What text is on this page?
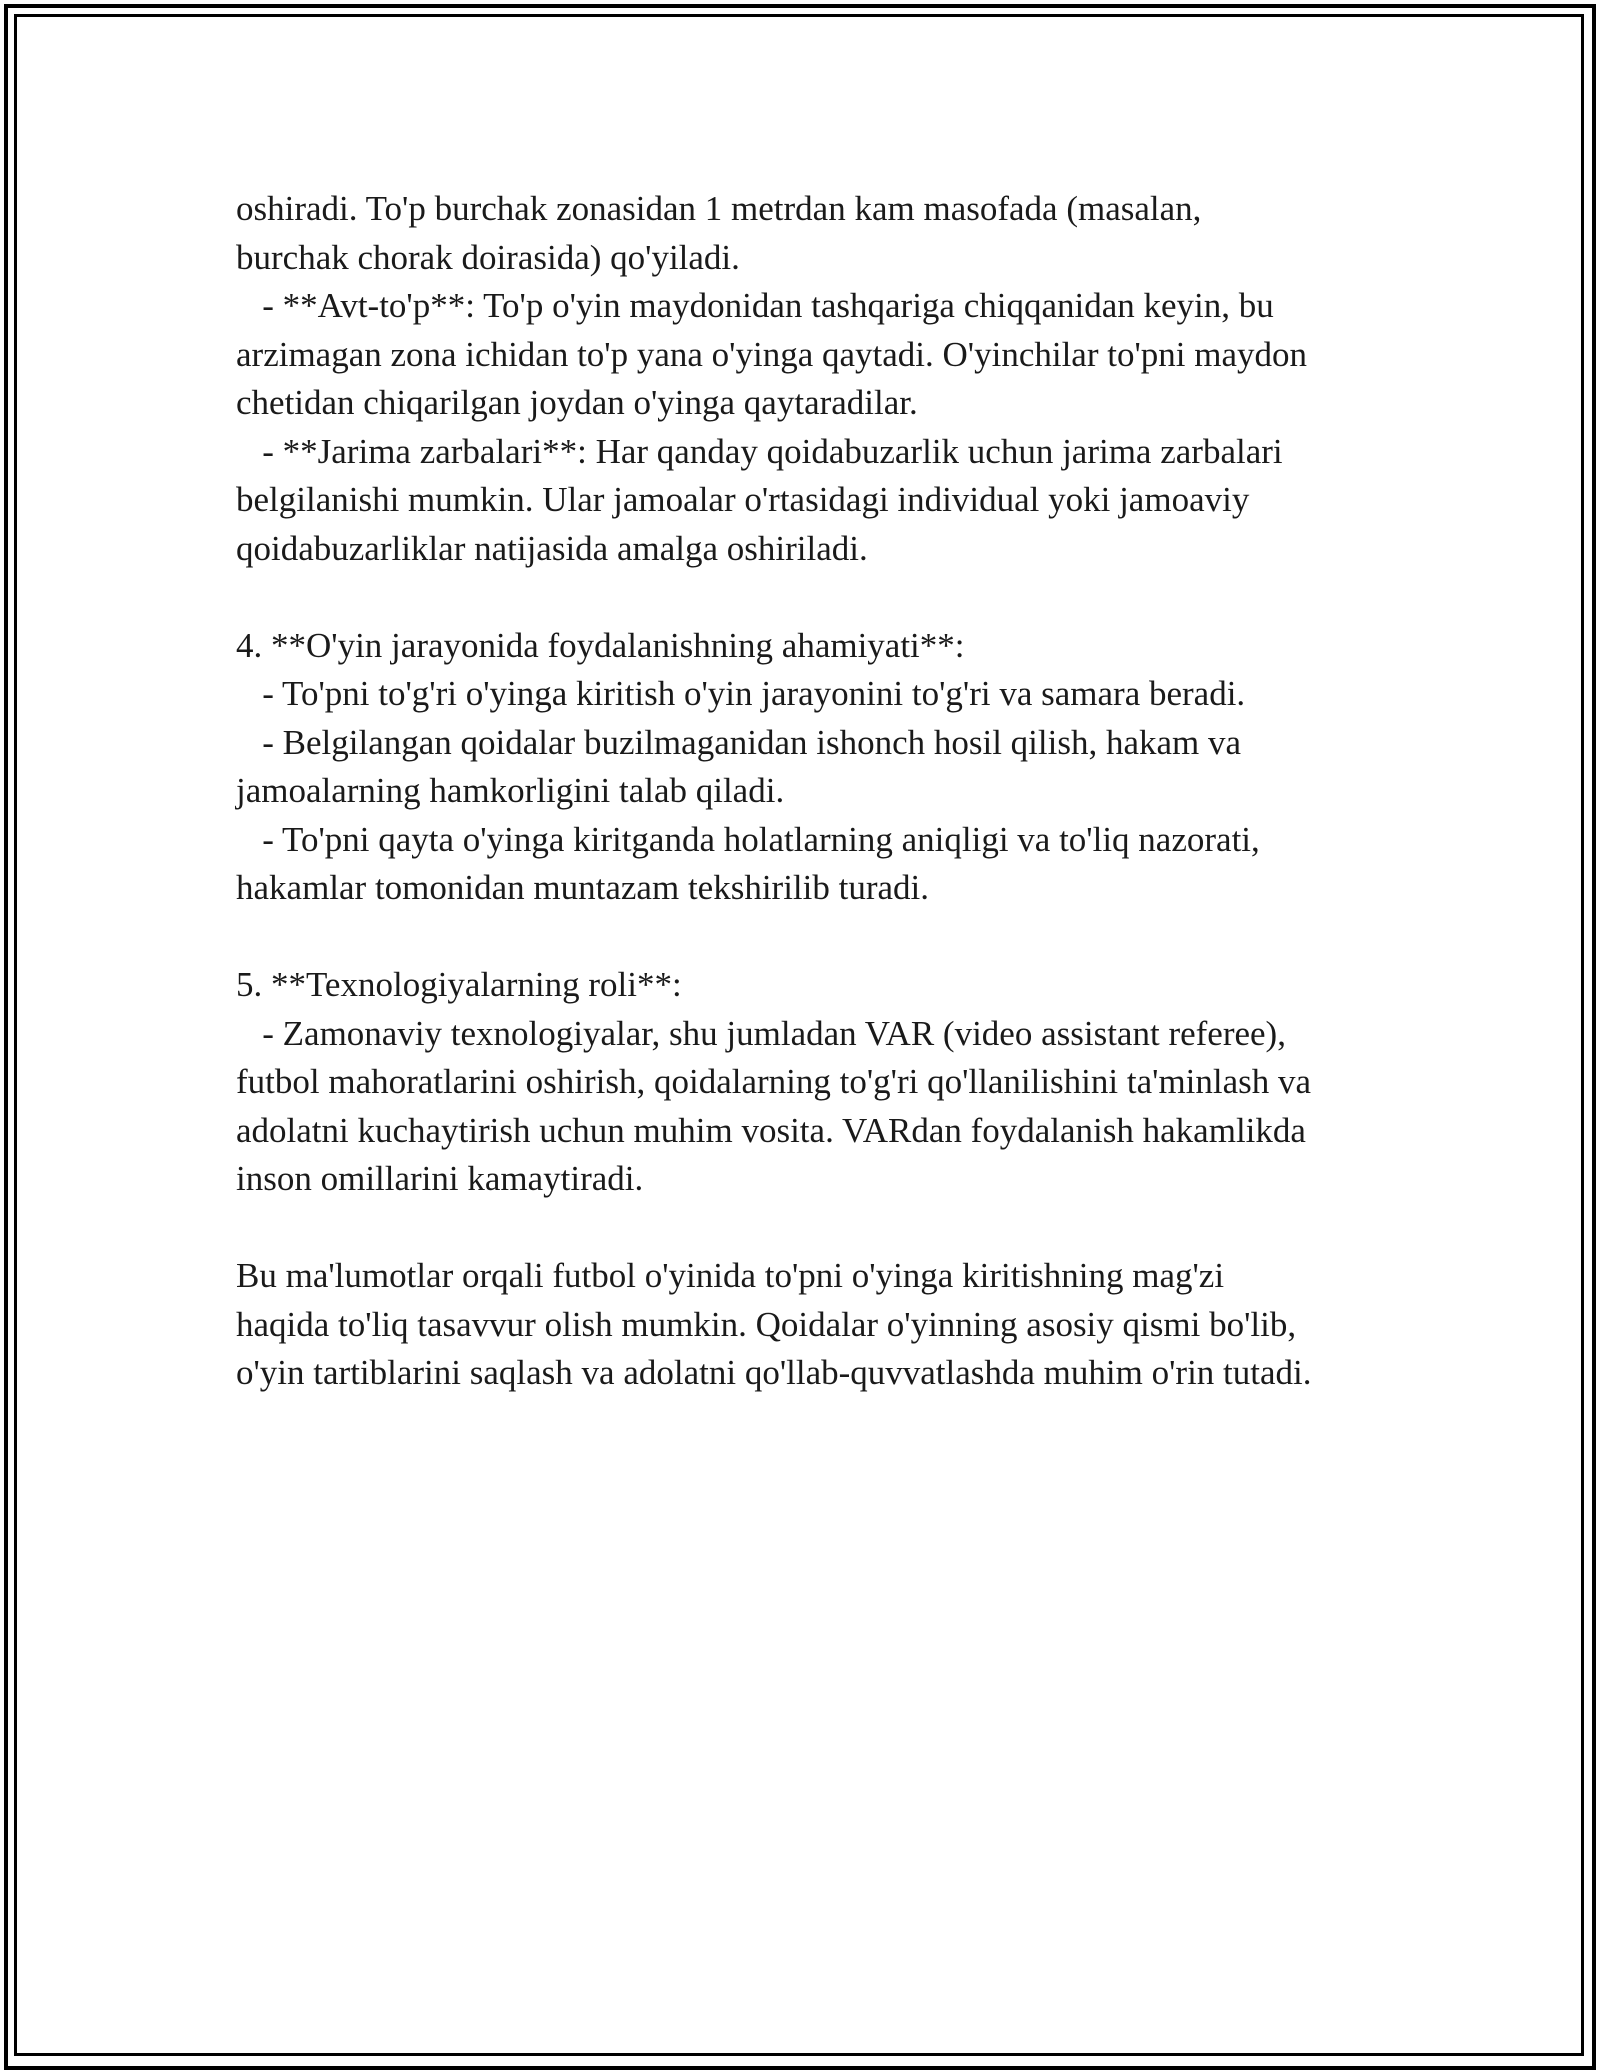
oshiradi. To'p burchak zonasidan 1 metrdan kam masofada (masalan,
burchak chorak doirasida) qo'yiladi.
- **Avt-to'p**: To'p o'yin maydonidan tashqariga chiqqanidan keyin, bu
arzimagan zona ichidan to'p yana o'yinga qaytadi. O'yinchilar to'pni maydon
chetidan chiqarilgan joydan o'yinga qaytaradilar.
- **Jarima zarbalari**: Har qanday qoidabuzarlik uchun jarima zarbalari
belgilanishi mumkin. Ular jamoalar o'rtasidagi individual yoki jamoaviy
qoidabuzarliklar natijasida amalga oshiriladi.
4. **O'yin jarayonida foydalanishning ahamiyati**:
- To'pni to'g'ri o'yinga kiritish o'yin jarayonini to'g'ri va samara beradi.
- Belgilangan qoidalar buzilmaganidan ishonch hosil qilish, hakam va
jamoalarning hamkorligini talab qiladi.
- To'pni qayta o'yinga kiritganda holatlarning aniqligi va to'liq nazorati,
hakamlar tomonidan muntazam tekshirilib turadi.
5. **Texnologiyalarning roli**:
- Zamonaviy texnologiyalar, shu jumladan VAR (video assistant referee),
futbol mahoratlarini oshirish, qoidalarning to'g'ri qo'llanilishini ta'minlash va
adolatni kuchaytirish uchun muhim vosita. VARdan foydalanish hakamlikda
inson omillarini kamaytiradi.
Bu ma'lumotlar orqali futbol o'yinida to'pni o'yinga kiritishning mag'zi
haqida to'liq tasavvur olish mumkin. Qoidalar o'yinning asosiy qismi bo'lib,
o'yin tartiblarini saqlash va adolatni qo'llab-quvvatlashda muhim o'rin tutadi.
